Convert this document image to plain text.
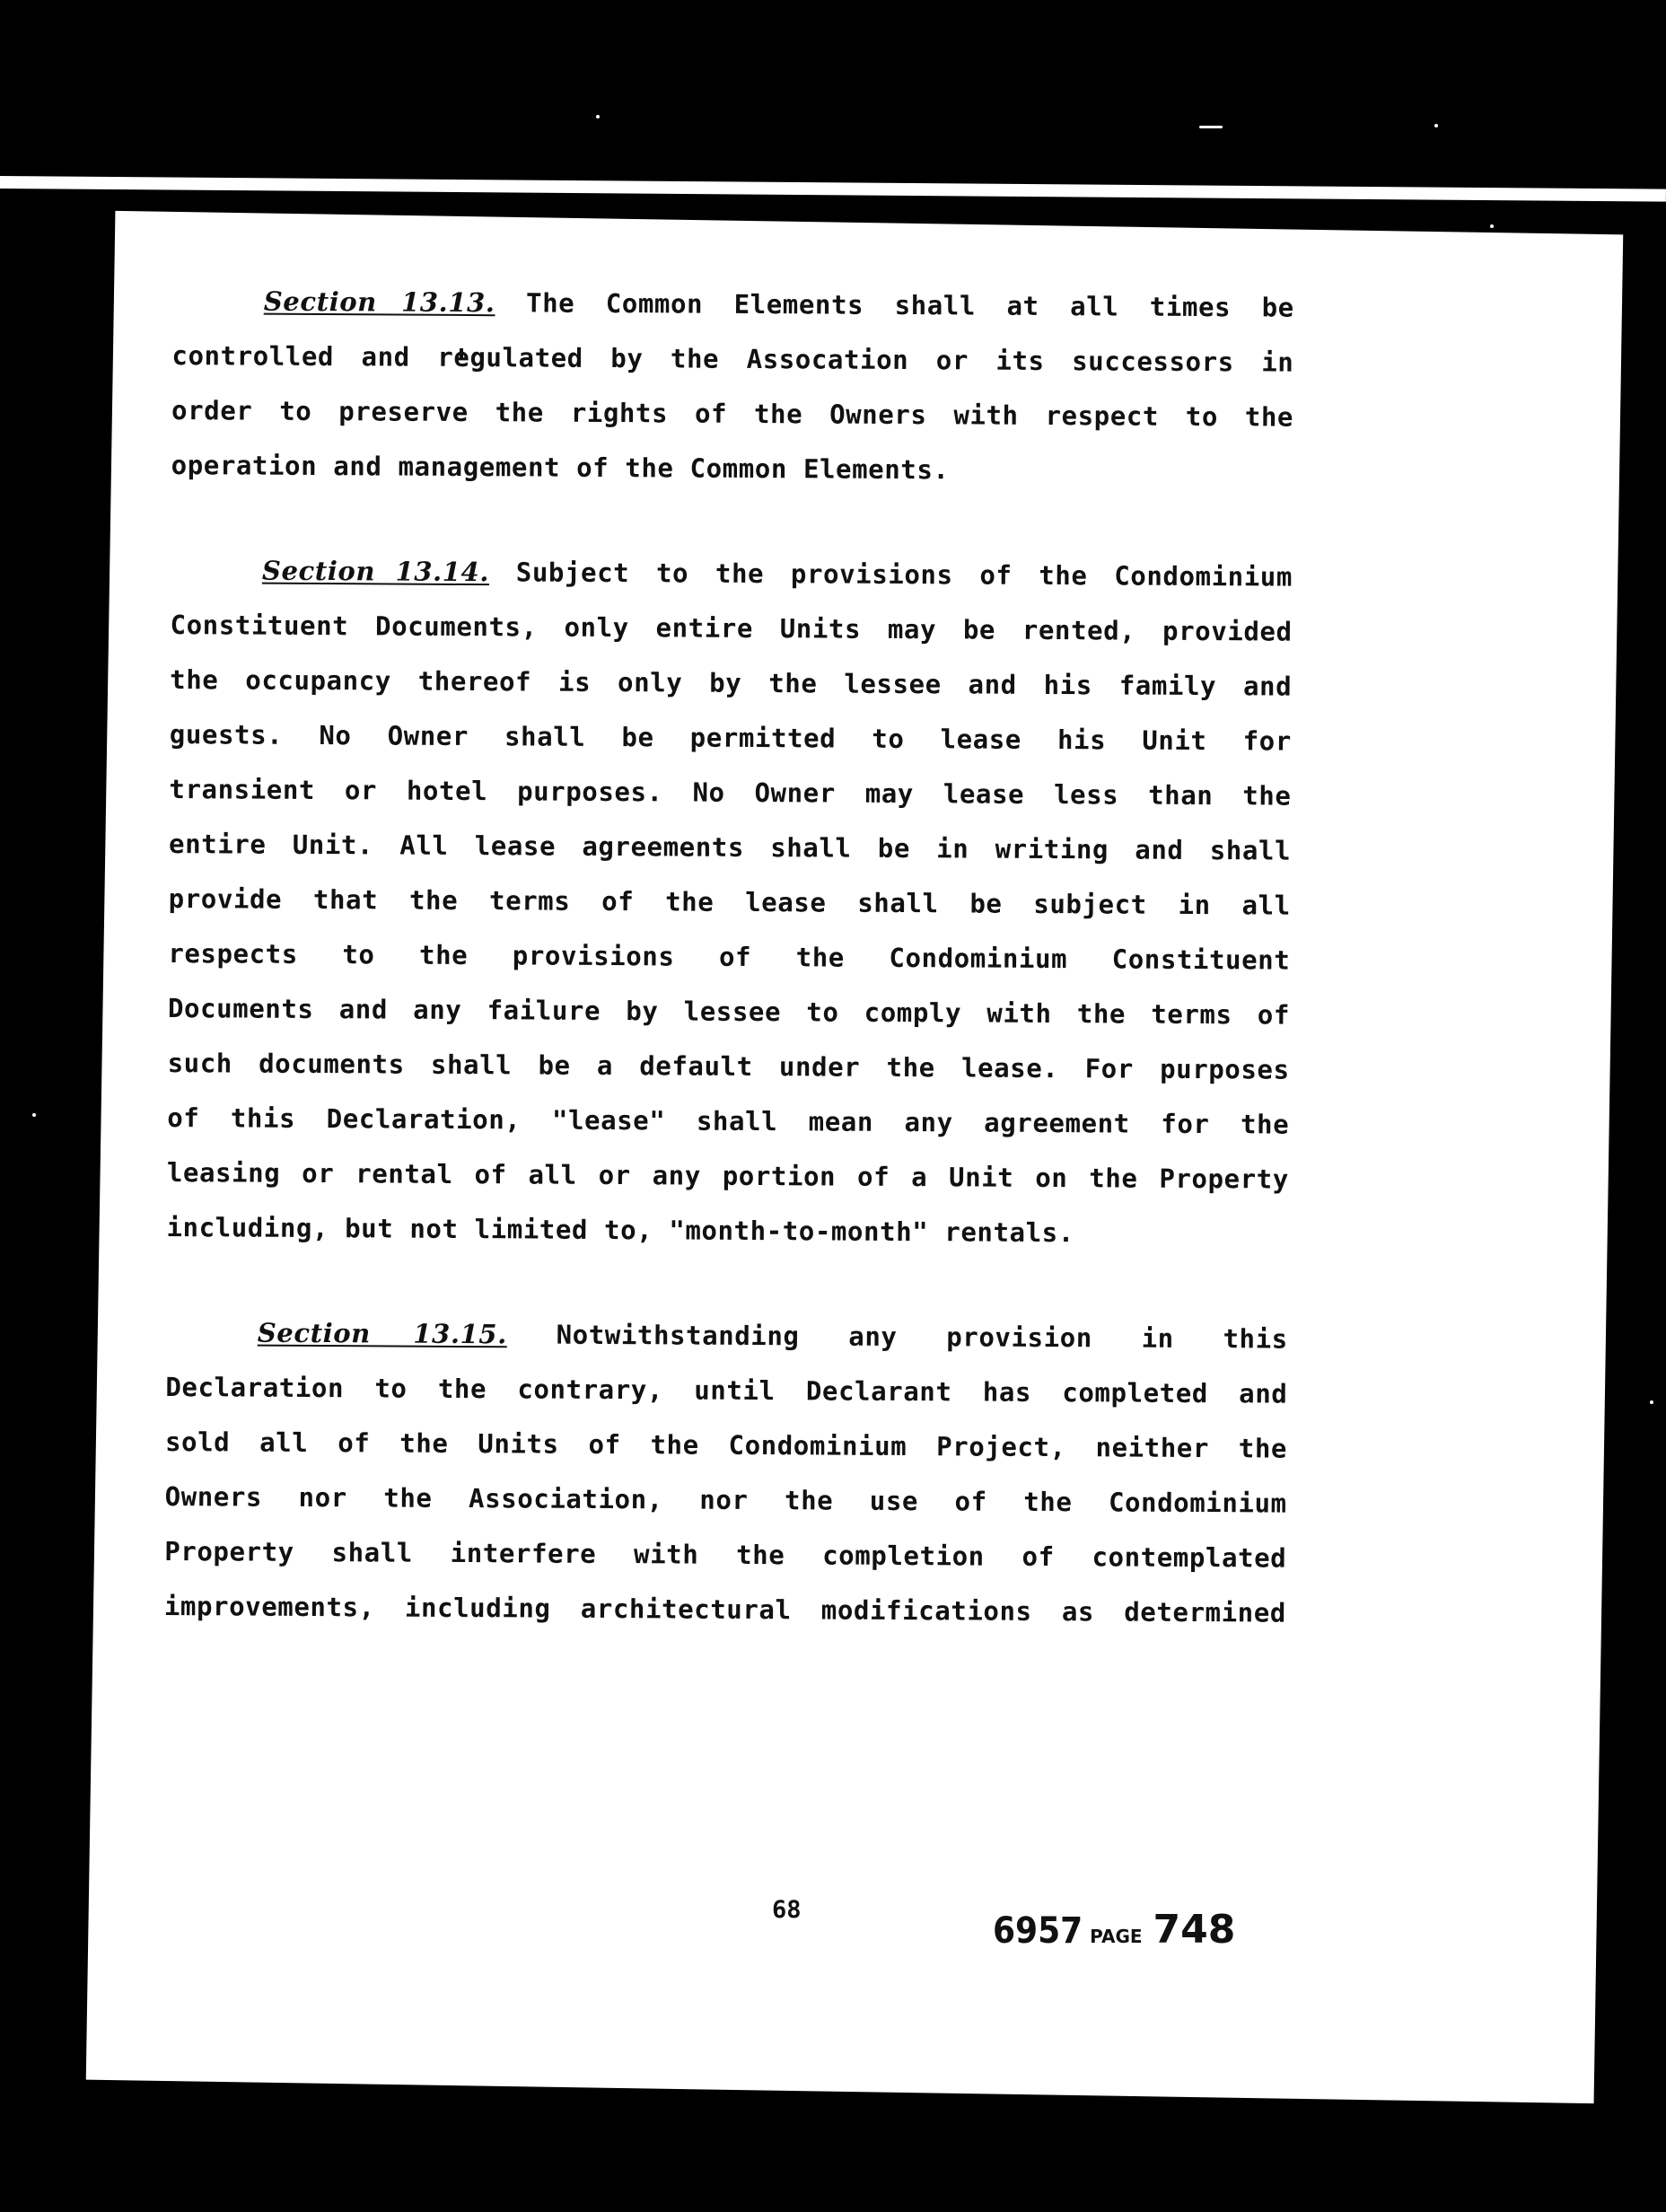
Section 13.13. The Common Elements shall at all times be
controlled and regulated by the Assocation or its successors in
order to preserve the rights of the Owners with respect to the
operation and management of the Common Elements.
Section 13.14. Subject to the provisions of the Condominium
Constituent Documents, only entire Units may be rented, provided
the occupancy thereof is only by the lessee and his family and
guests. No Owner shall be permitted to lease his Unit for
transient or hotel purposes. No Owner may lease less than the
entire Unit. All lease agreements shall be in writing and shall
provide that the terms of the lease shall be subject in all
respects to the provisions of the Condominium Constituent
Documents and any failure by lessee to comply with the terms of
such documents shall be a default under the lease. For purposes
of this Declaration, "lease" shall mean any agreement for the
leasing or rental of all or any portion of a Unit on the Property
including, but not limited to, "month-to-month" rentals.
Section 13.15. Notwithstanding any provision in this
Declaration to the contrary, until Declarant has completed and
sold all of the Units of the Condominium Project, neither the
Owners nor the Association, nor the use of the Condominium
Property shall interfere with the completion of contemplated
improvements, including architectural modifications as determined
68
6957 PAGE 748
